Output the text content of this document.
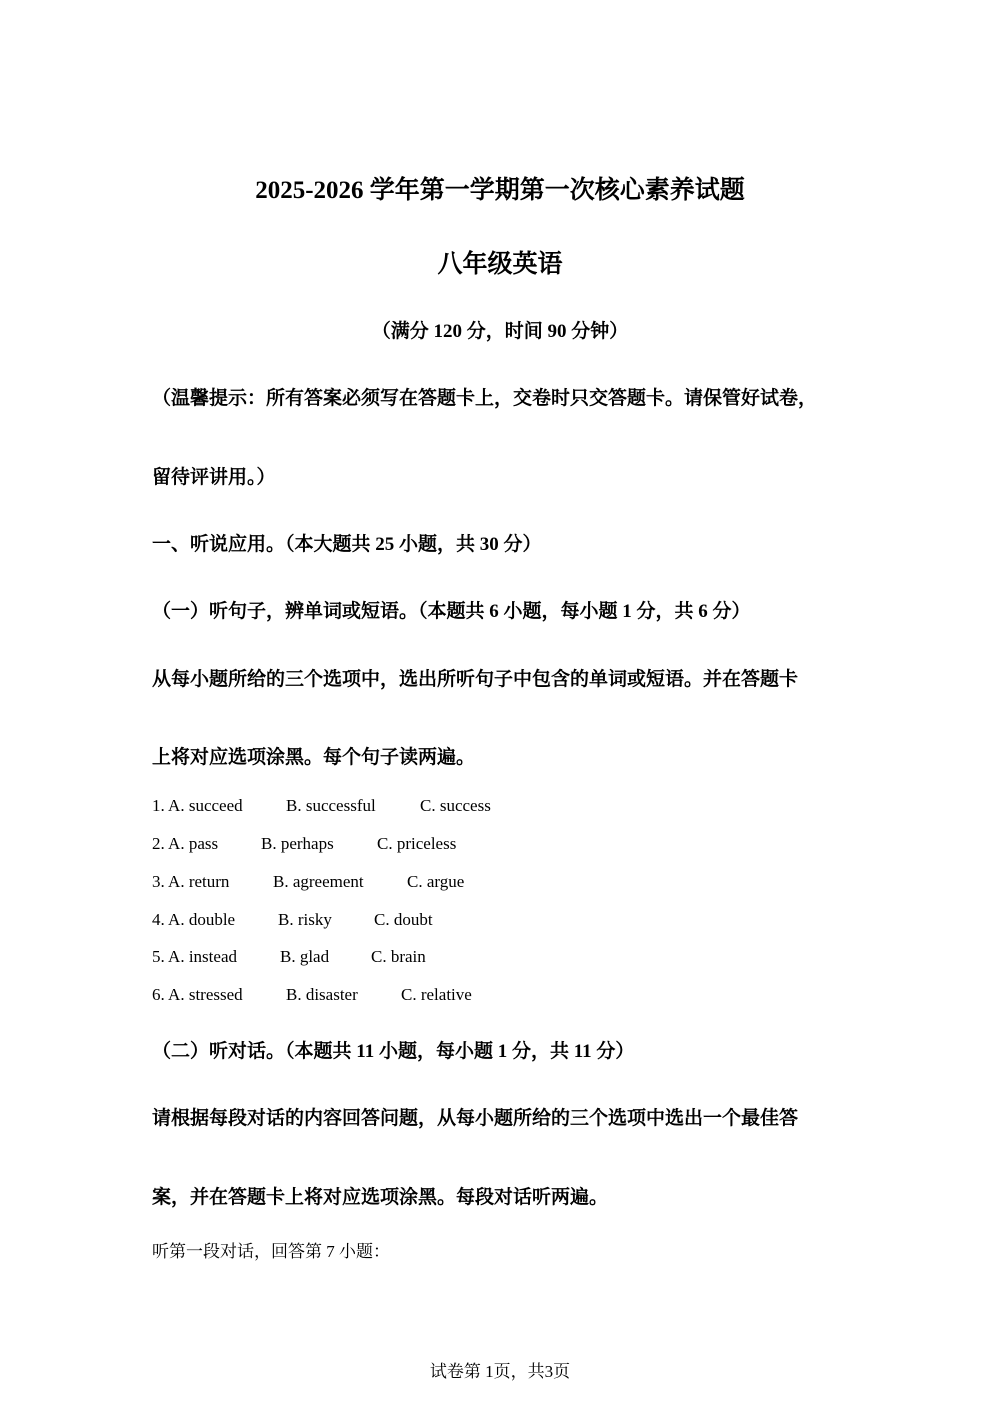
2025-2026 学年第一学期第一次核心素养试题
八年级英语
（满分 120 分，时间 90 分钟）
（温馨提示：所有答案必须写在答题卡上，交卷时只交答题卡。请保管好试卷，
留待评讲用。）
一、听说应用。（本大题共 25 小题，共 30 分）
（一）听句子，辨单词或短语。（本题共 6 小题，每小题 1 分，共 6 分）
从每小题所给的三个选项中，选出所听句子中包含的单词或短语。并在答题卡
上将对应选项涂黑。每个句子读两遍。
1. A. succeed	B. successful	C. success
2. A. pass	B. perhaps	C. priceless
3. A. return	B. agreement	C. argue
4. A. double	B. risky C. doubt
5. A. instead	B. glad C. brain
6. A. stressed	B. disaster	C. relative
（二）听对话。（本题共 11 小题，每小题 1 分，共 11 分）
请根据每段对话的内容回答问题，从每小题所给的三个选项中选出一个最佳答
案，并在答题卡上将对应选项涂黑。每段对话听两遍。
听第一段对话，回答第 7 小题：
试卷第 1页，共3页
